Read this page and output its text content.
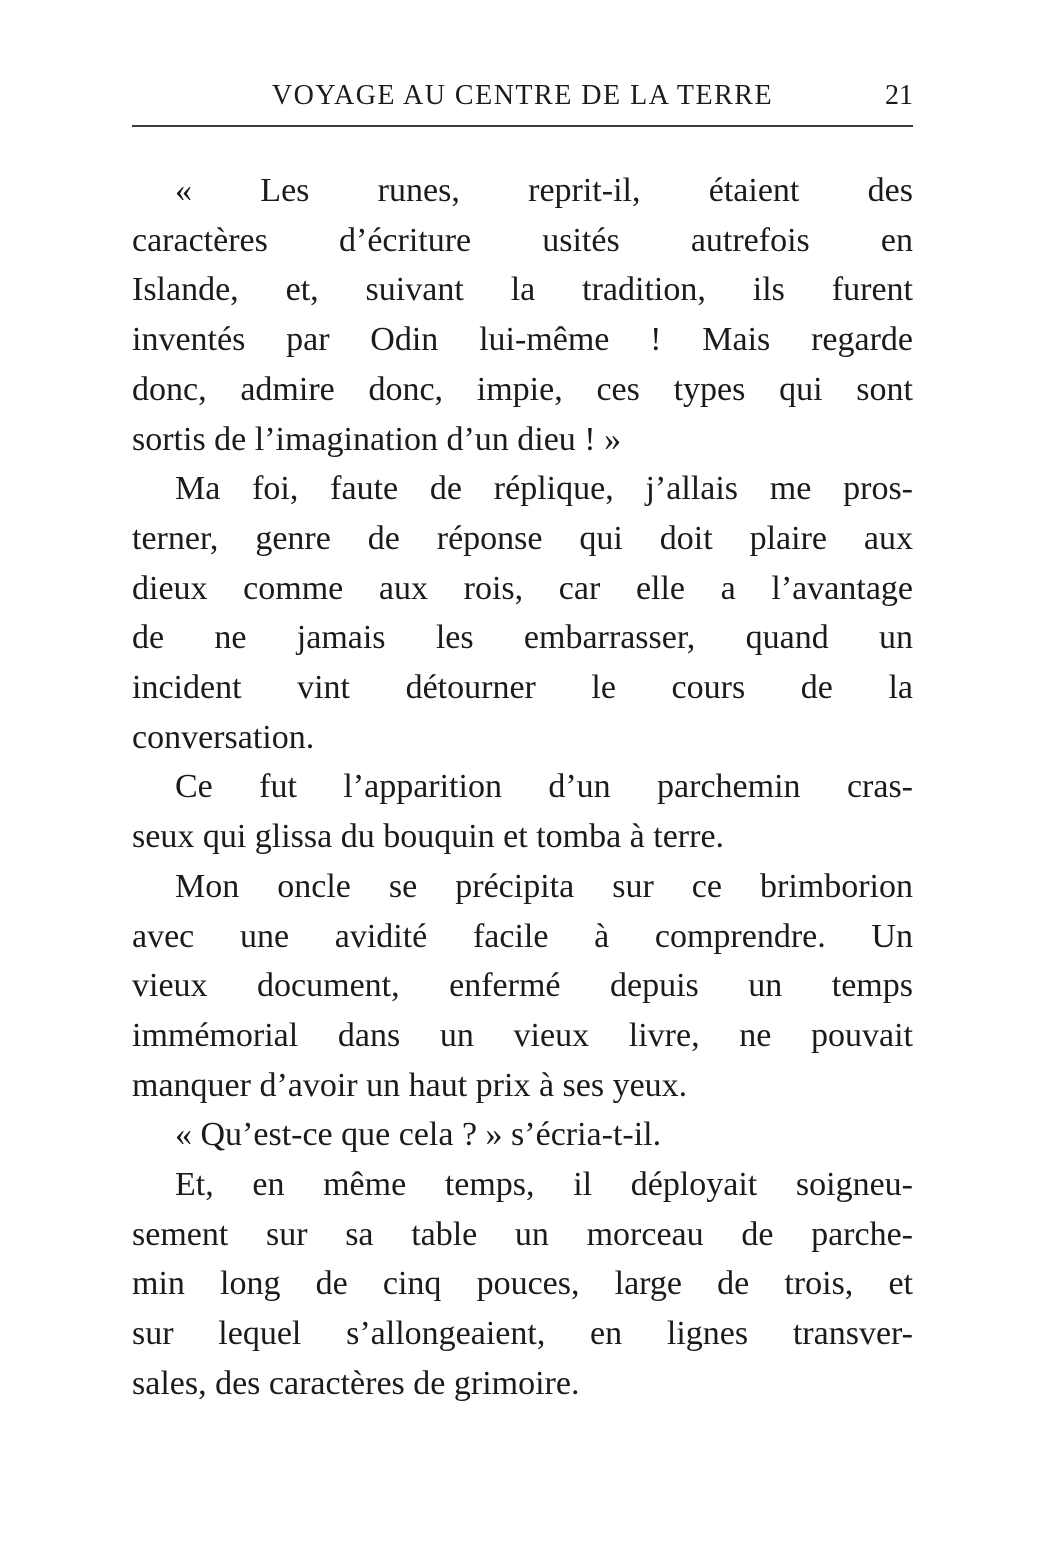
VOYAGE AU CENTRE DE LA TERRE	21
« Les runes, reprit-il, étaient des
caractères d’écriture usités autrefois en
Islande, et, suivant la tradition, ils furent
inventés par Odin lui-même ! Mais regarde
donc, admire donc, impie, ces types qui sont
sortis de l’imagination d’un dieu ! »
Ma foi, faute de réplique, j’allais me pros-
terner, genre de réponse qui doit plaire aux
dieux comme aux rois, car elle a l’avantage
de ne jamais les embarrasser, quand un
incident vint détourner le cours de la
conversation.
Ce fut l’apparition d’un parchemin cras-
seux qui glissa du bouquin et tomba à terre.
Mon oncle se précipita sur ce brimborion
avec une avidité facile à comprendre. Un
vieux document, enfermé depuis un temps
immémorial dans un vieux livre, ne pouvait
manquer d’avoir un haut prix à ses yeux.
« Qu’est-ce que cela ? » s’écria-t-il.
Et, en même temps, il déployait soigneu-
sement sur sa table un morceau de parche-
min long de cinq pouces, large de trois, et
sur lequel s’allongeaient, en lignes transver-
sales, des caractères de grimoire.
